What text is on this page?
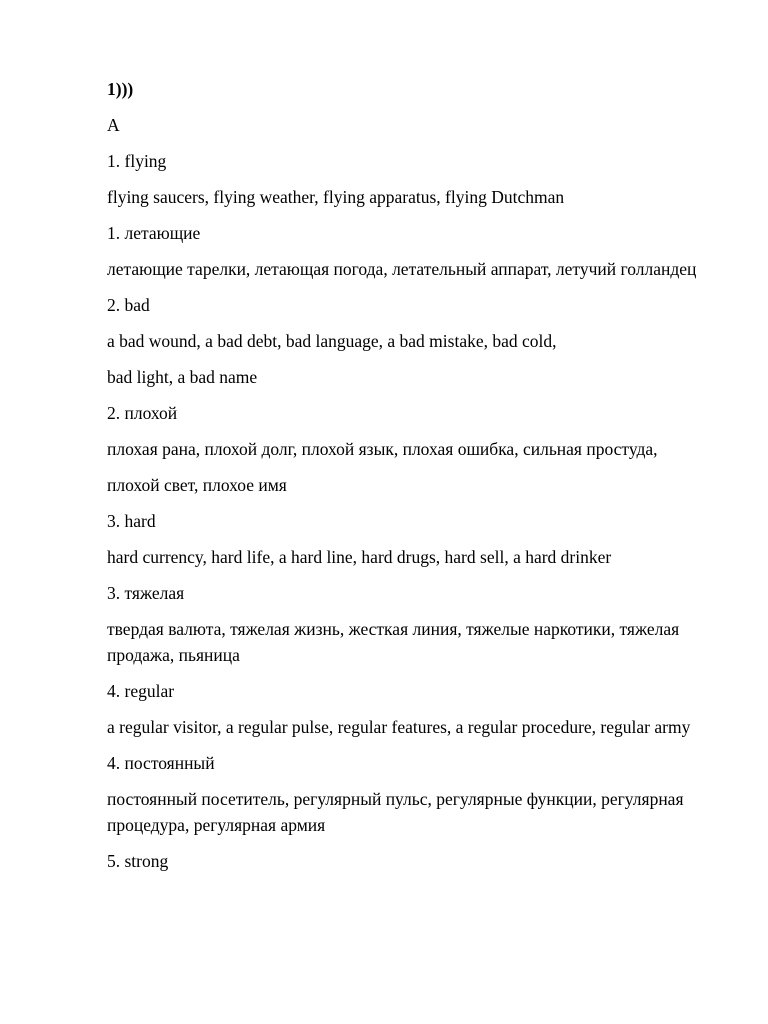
1)))

А

1. flying

flying saucers, flying weather, flying apparatus, flying Dutchman

1. летающие

летающие тарелки, летающая погода, летательный аппарат, летучий голландец

2. bad

a bad wound, a bad debt, bad language, a bad mistake, bad cold,

bad light, a bad name

2. плохой

плохая рана, плохой долг, плохой язык, плохая ошибка, сильная простуда,

плохой свет, плохое имя

3. hard

hard currency, hard life, a hard line, hard drugs, hard sell, a hard drinker

3. тяжелая

твердая валюта, тяжелая жизнь, жесткая линия, тяжелые наркотики, тяжелая продажа, пьяница

4. regular

a regular visitor, a regular pulse, regular features, a regular procedure, regular army

4. постоянный

постоянный посетитель, регулярный пульс, регулярные функции, регулярная процедура, регулярная армия

5. strong
